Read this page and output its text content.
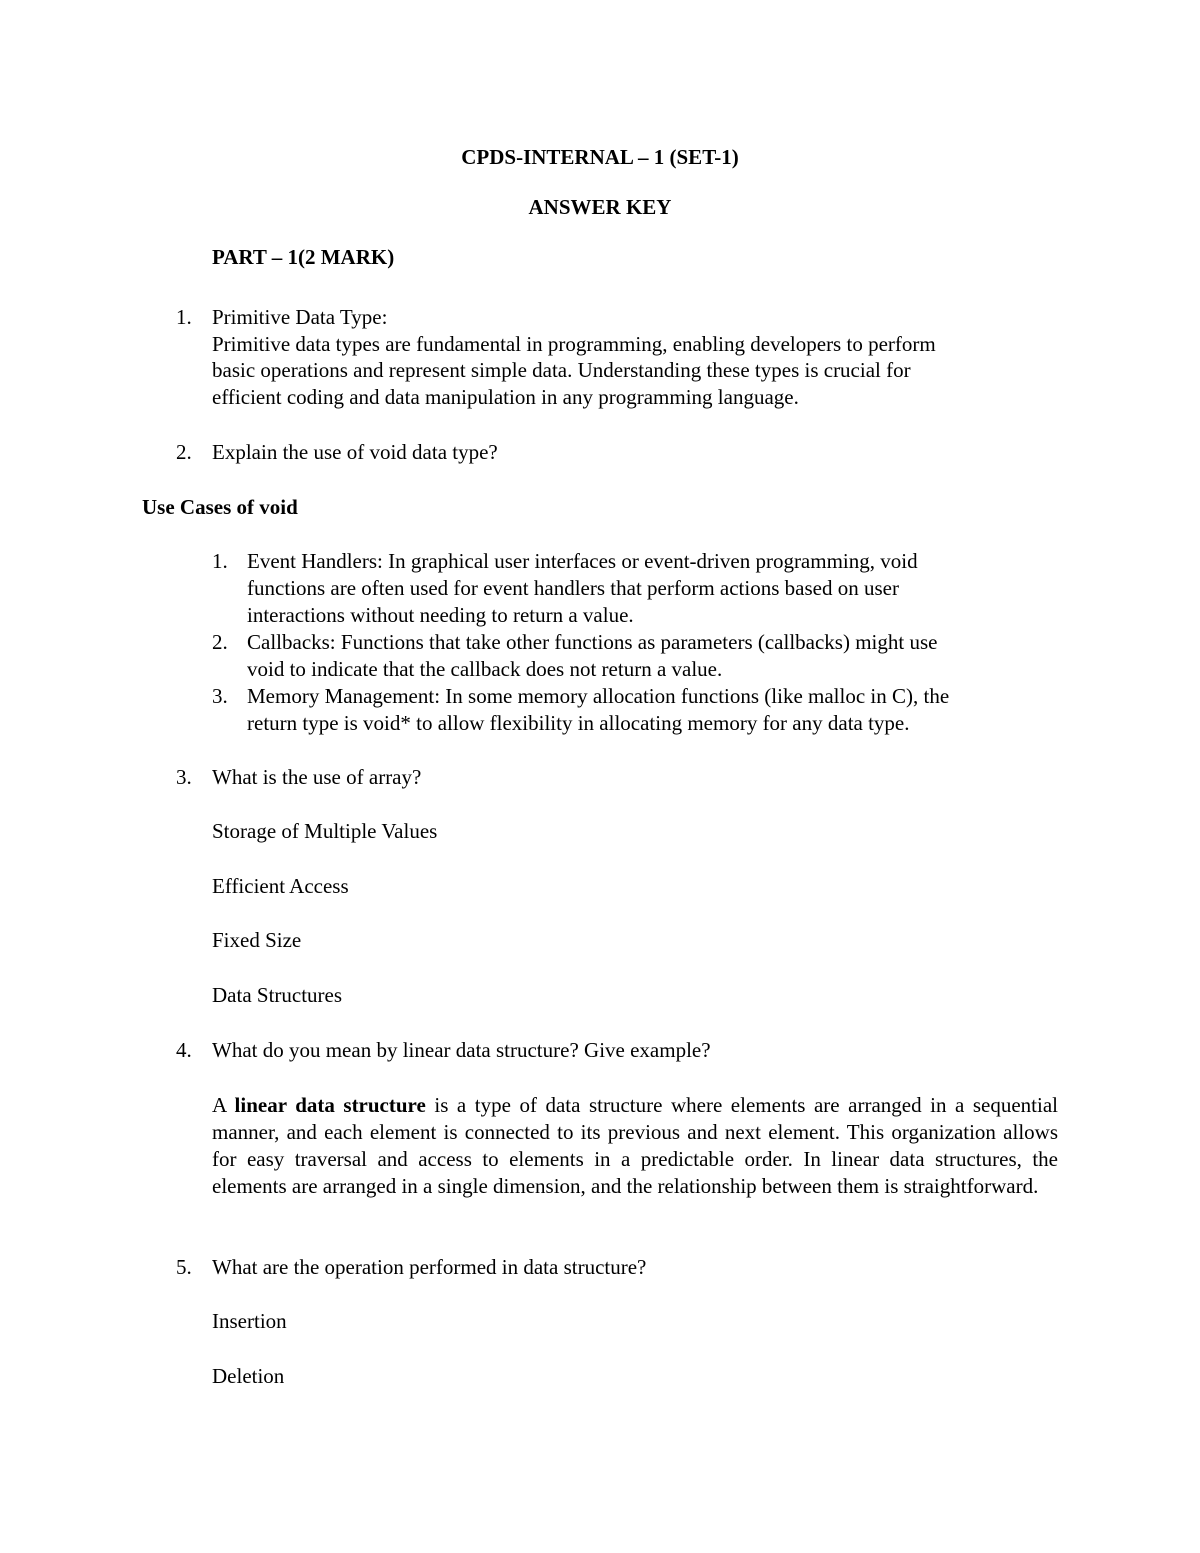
CPDS-INTERNAL – 1 (SET-1)
ANSWER KEY
PART – 1(2 MARK)
1. Primitive Data Type:
Primitive data types are fundamental in programming, enabling developers to perform
basic operations and represent simple data. Understanding these types is crucial for
efficient coding and data manipulation in any programming language.
2. Explain the use of void data type?
Use Cases of void
1. Event Handlers: In graphical user interfaces or event-driven programming, void
functions are often used for event handlers that perform actions based on user
interactions without needing to return a value.
2. Callbacks: Functions that take other functions as parameters (callbacks) might use
void to indicate that the callback does not return a value.
3. Memory Management: In some memory allocation functions (like malloc in C), the
return type is void* to allow flexibility in allocating memory for any data type.
3. What is the use of array?
Storage of Multiple Values
Efficient Access
Fixed Size
Data Structures
4. What do you mean by linear data structure? Give example?
A linear data structure is a type of data structure where elements are arranged in a sequential manner, and each element is connected to its previous and next element. This organization allows for easy traversal and access to elements in a predictable order. In linear data structures, the elements are arranged in a single dimension, and the relationship between them is straightforward.
5. What are the operation performed in data structure?
Insertion
Deletion
